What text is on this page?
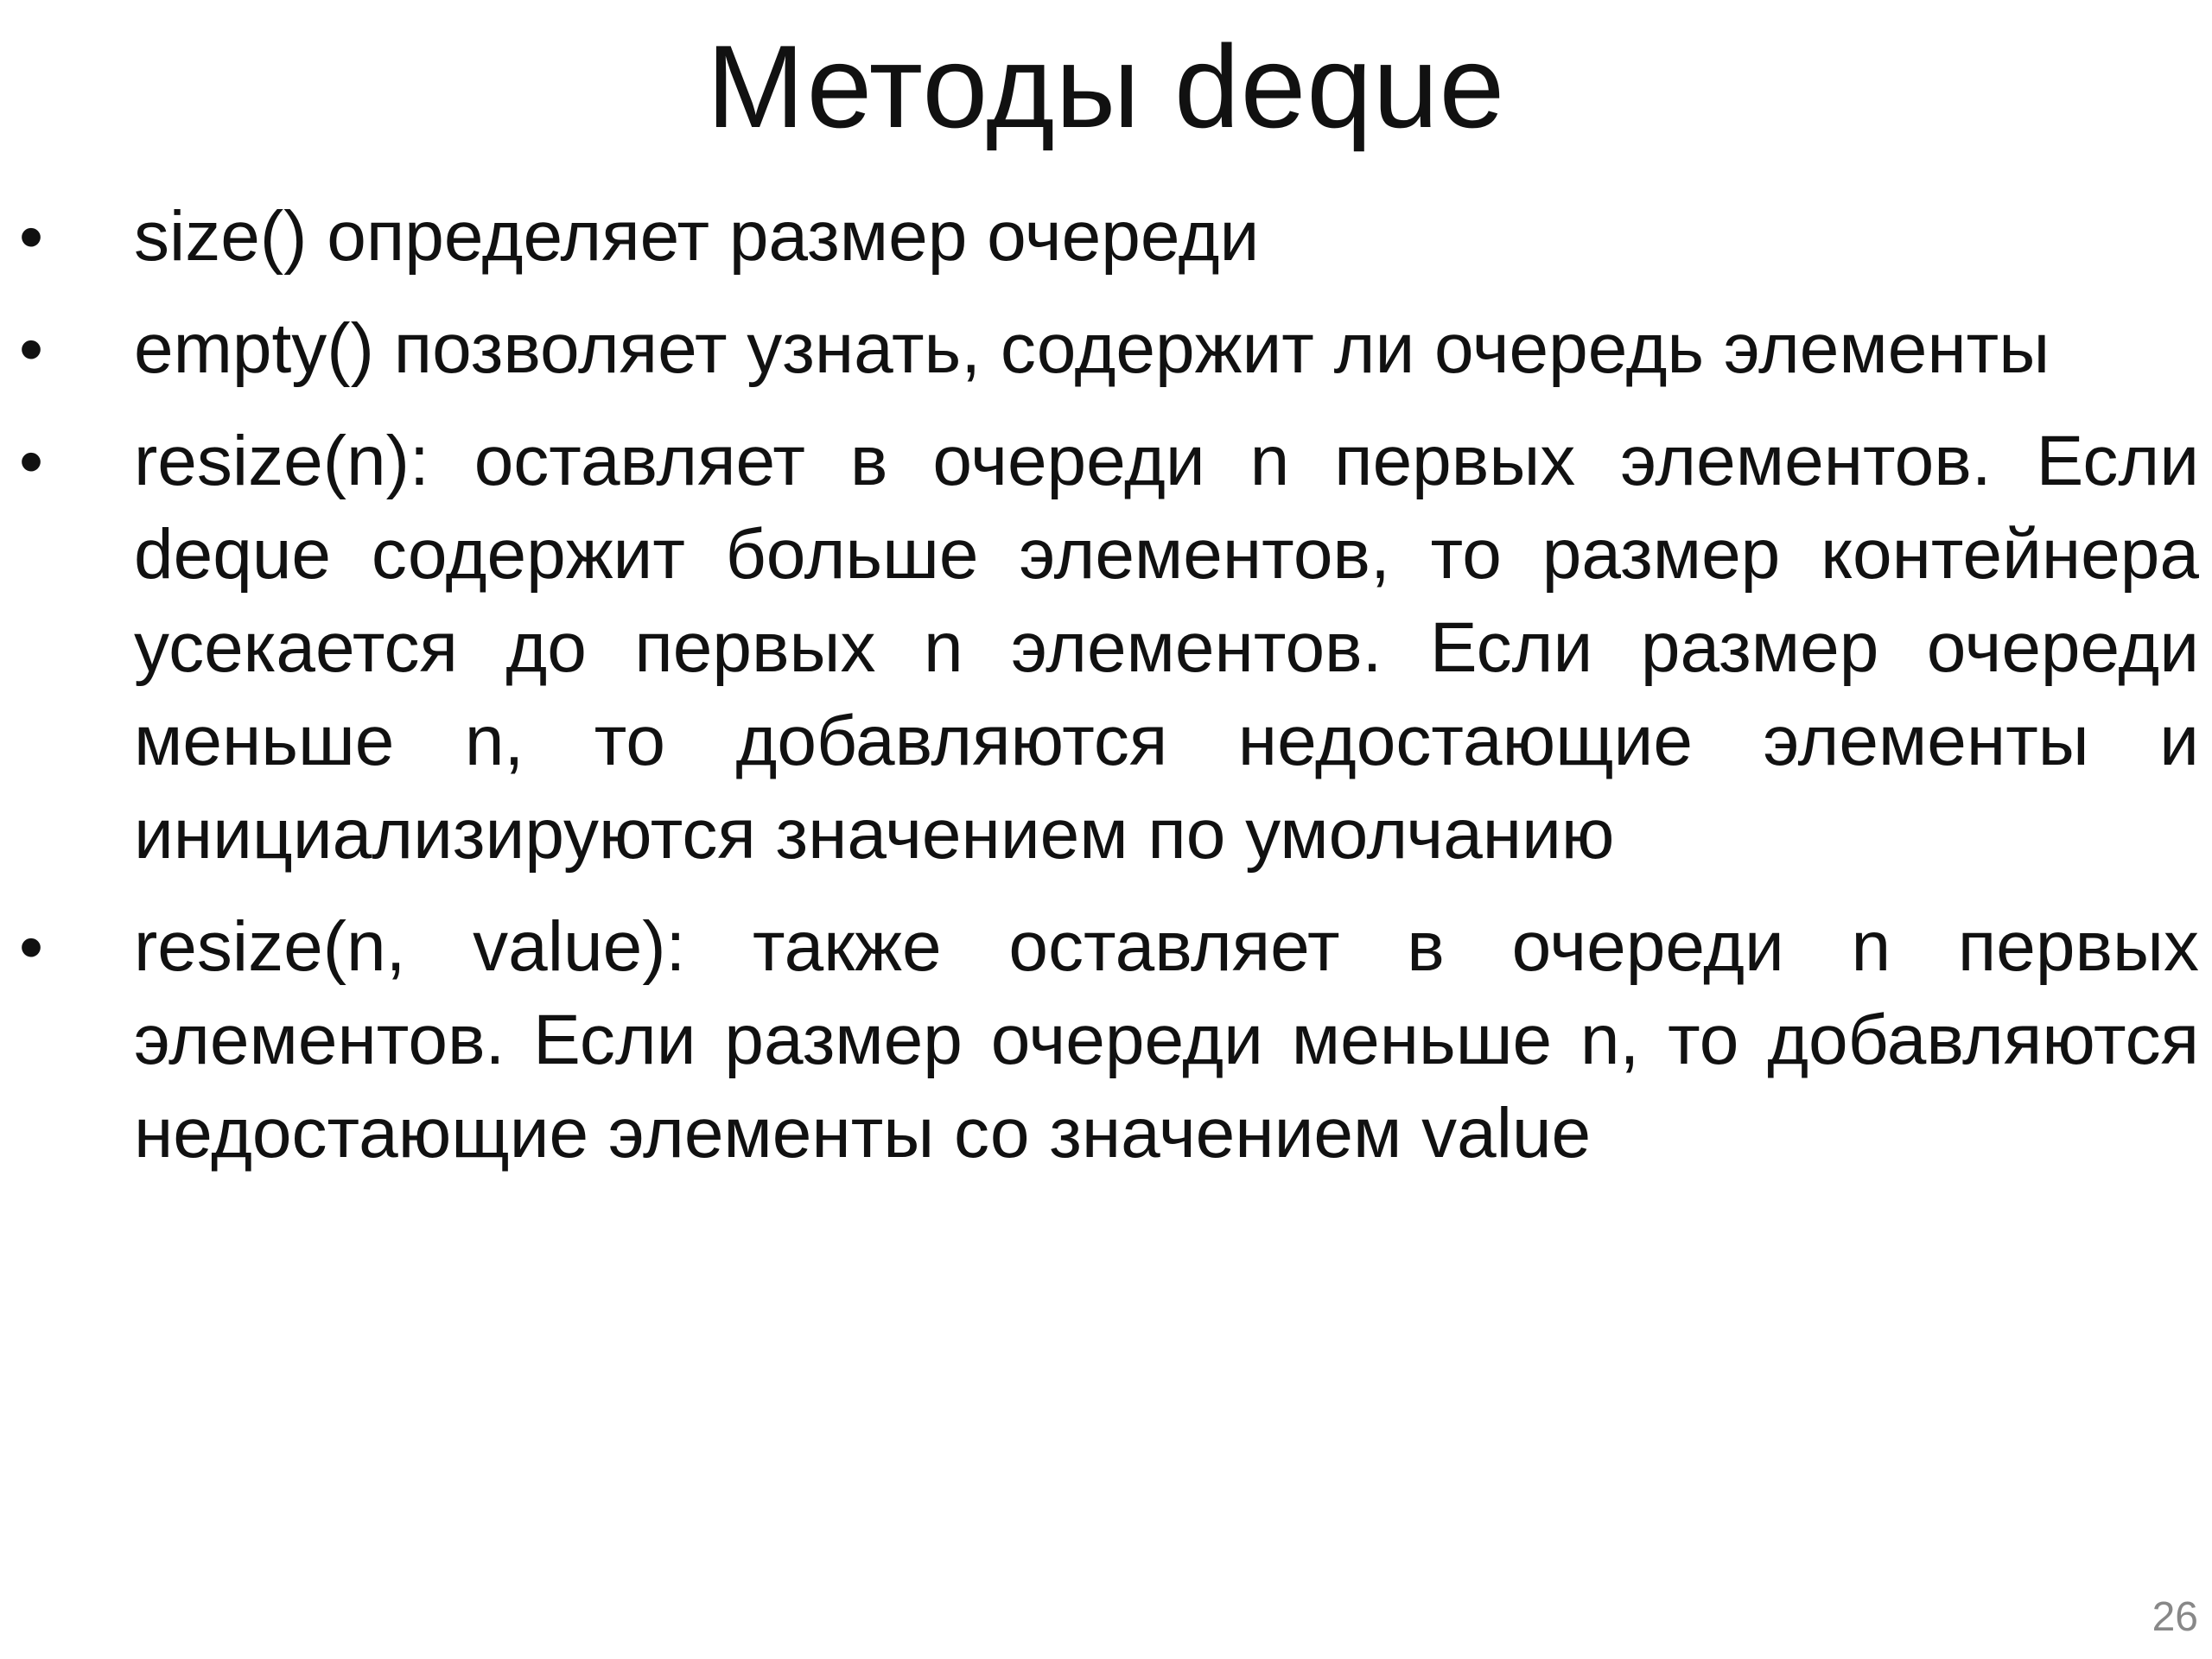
Методы deque
•	size() определяет размер очереди
•	empty() позволяет узнать, содержит ли очередь элементы
•	resize(n): оставляет в очереди n первых элементов. Если deque содержит больше элементов, то размер контейнера усекается до первых n элементов. Если размер очереди меньше n, то добавляются недостающие элементы и инициализируются значением по умолчанию
•	resize(n, value): также оставляет в очереди n первых элементов. Если размер очереди меньше n, то добавляются недостающие элементы со значением value
26
